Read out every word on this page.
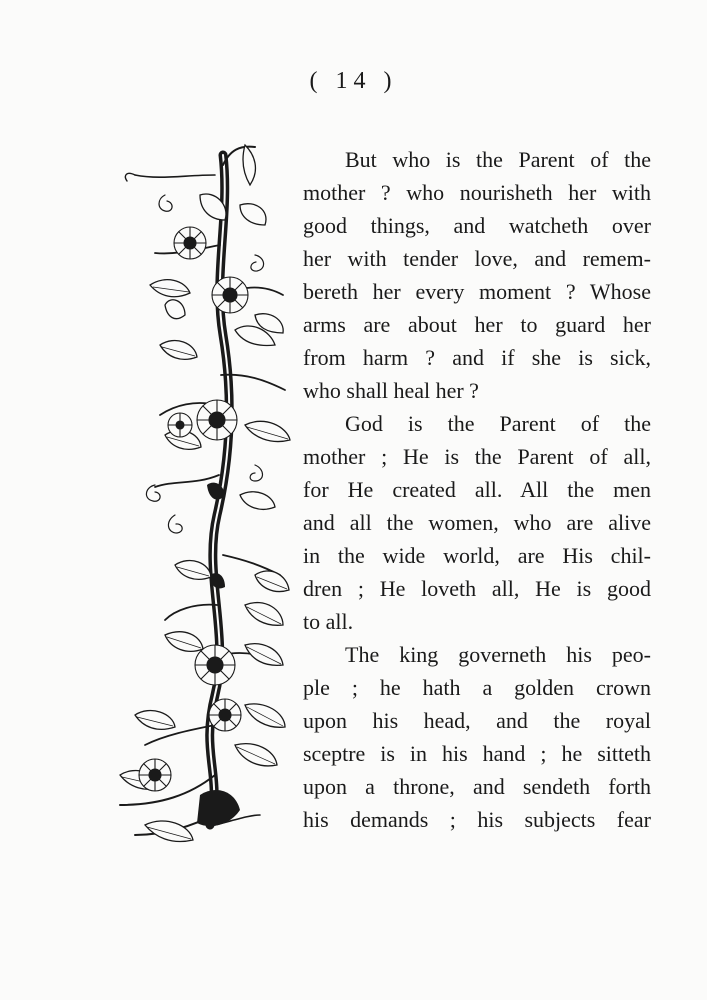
( 14 )
But who is the Parent of the
mother ? who nourisheth her with
good things, and watcheth over
her with tender love, and remem-
bereth her every moment ? Whose
arms are about her to guard her
from harm ? and if she is sick,
who shall heal her ?
God is the Parent of the
mother ; He is the Parent of all,
for He created all. All the men
and all the women, who are alive
in the wide world, are His chil-
dren ; He loveth all, He is good
to all.
The king governeth his peo-
ple ; he hath a golden crown
upon his head, and the royal
sceptre is in his hand ; he sitteth
upon a throne, and sendeth forth
his demands ; his subjects fear
